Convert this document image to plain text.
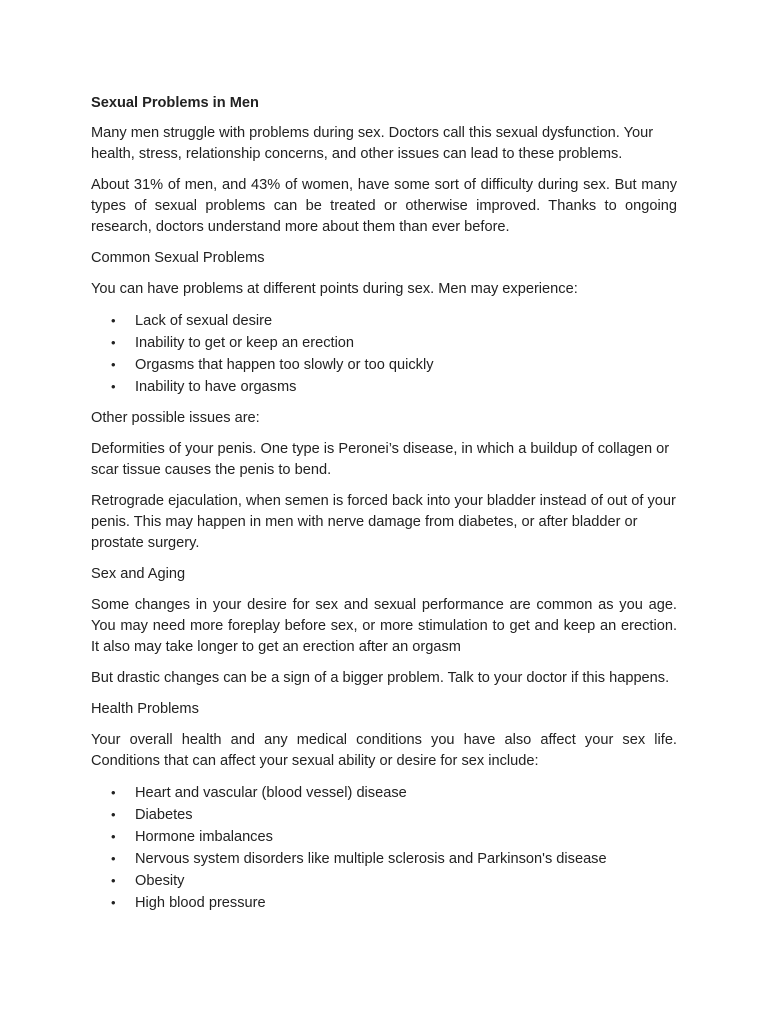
Sexual Problems in Men

Many men struggle with problems during sex. Doctors call this sexual dysfunction. Your health, stress, relationship concerns, and other issues can lead to these problems.

About 31% of men, and 43% of women, have some sort of difficulty during sex. But many types of sexual problems can be treated or otherwise improved. Thanks to ongoing research, doctors understand more about them than ever before.

Common Sexual Problems

You can have problems at different points during sex. Men may experience:

• Lack of sexual desire
• Inability to get or keep an erection
• Orgasms that happen too slowly or too quickly
• Inability to have orgasms

Other possible issues are:

Deformities of your penis. One type is Peronei’s disease, in which a buildup of collagen or scar tissue causes the penis to bend.

Retrograde ejaculation, when semen is forced back into your bladder instead of out of your penis. This may happen in men with nerve damage from diabetes, or after bladder or prostate surgery.

Sex and Aging

Some changes in your desire for sex and sexual performance are common as you age. You may need more foreplay before sex, or more stimulation to get and keep an erection. It also may take longer to get an erection after an orgasm

But drastic changes can be a sign of a bigger problem. Talk to your doctor if this happens.

Health Problems

Your overall health and any medical conditions you have also affect your sex life. Conditions that can affect your sexual ability or desire for sex include:

• Heart and vascular (blood vessel) disease
• Diabetes
• Hormone imbalances
• Nervous system disorders like multiple sclerosis and Parkinson's disease
• Obesity
• High blood pressure
